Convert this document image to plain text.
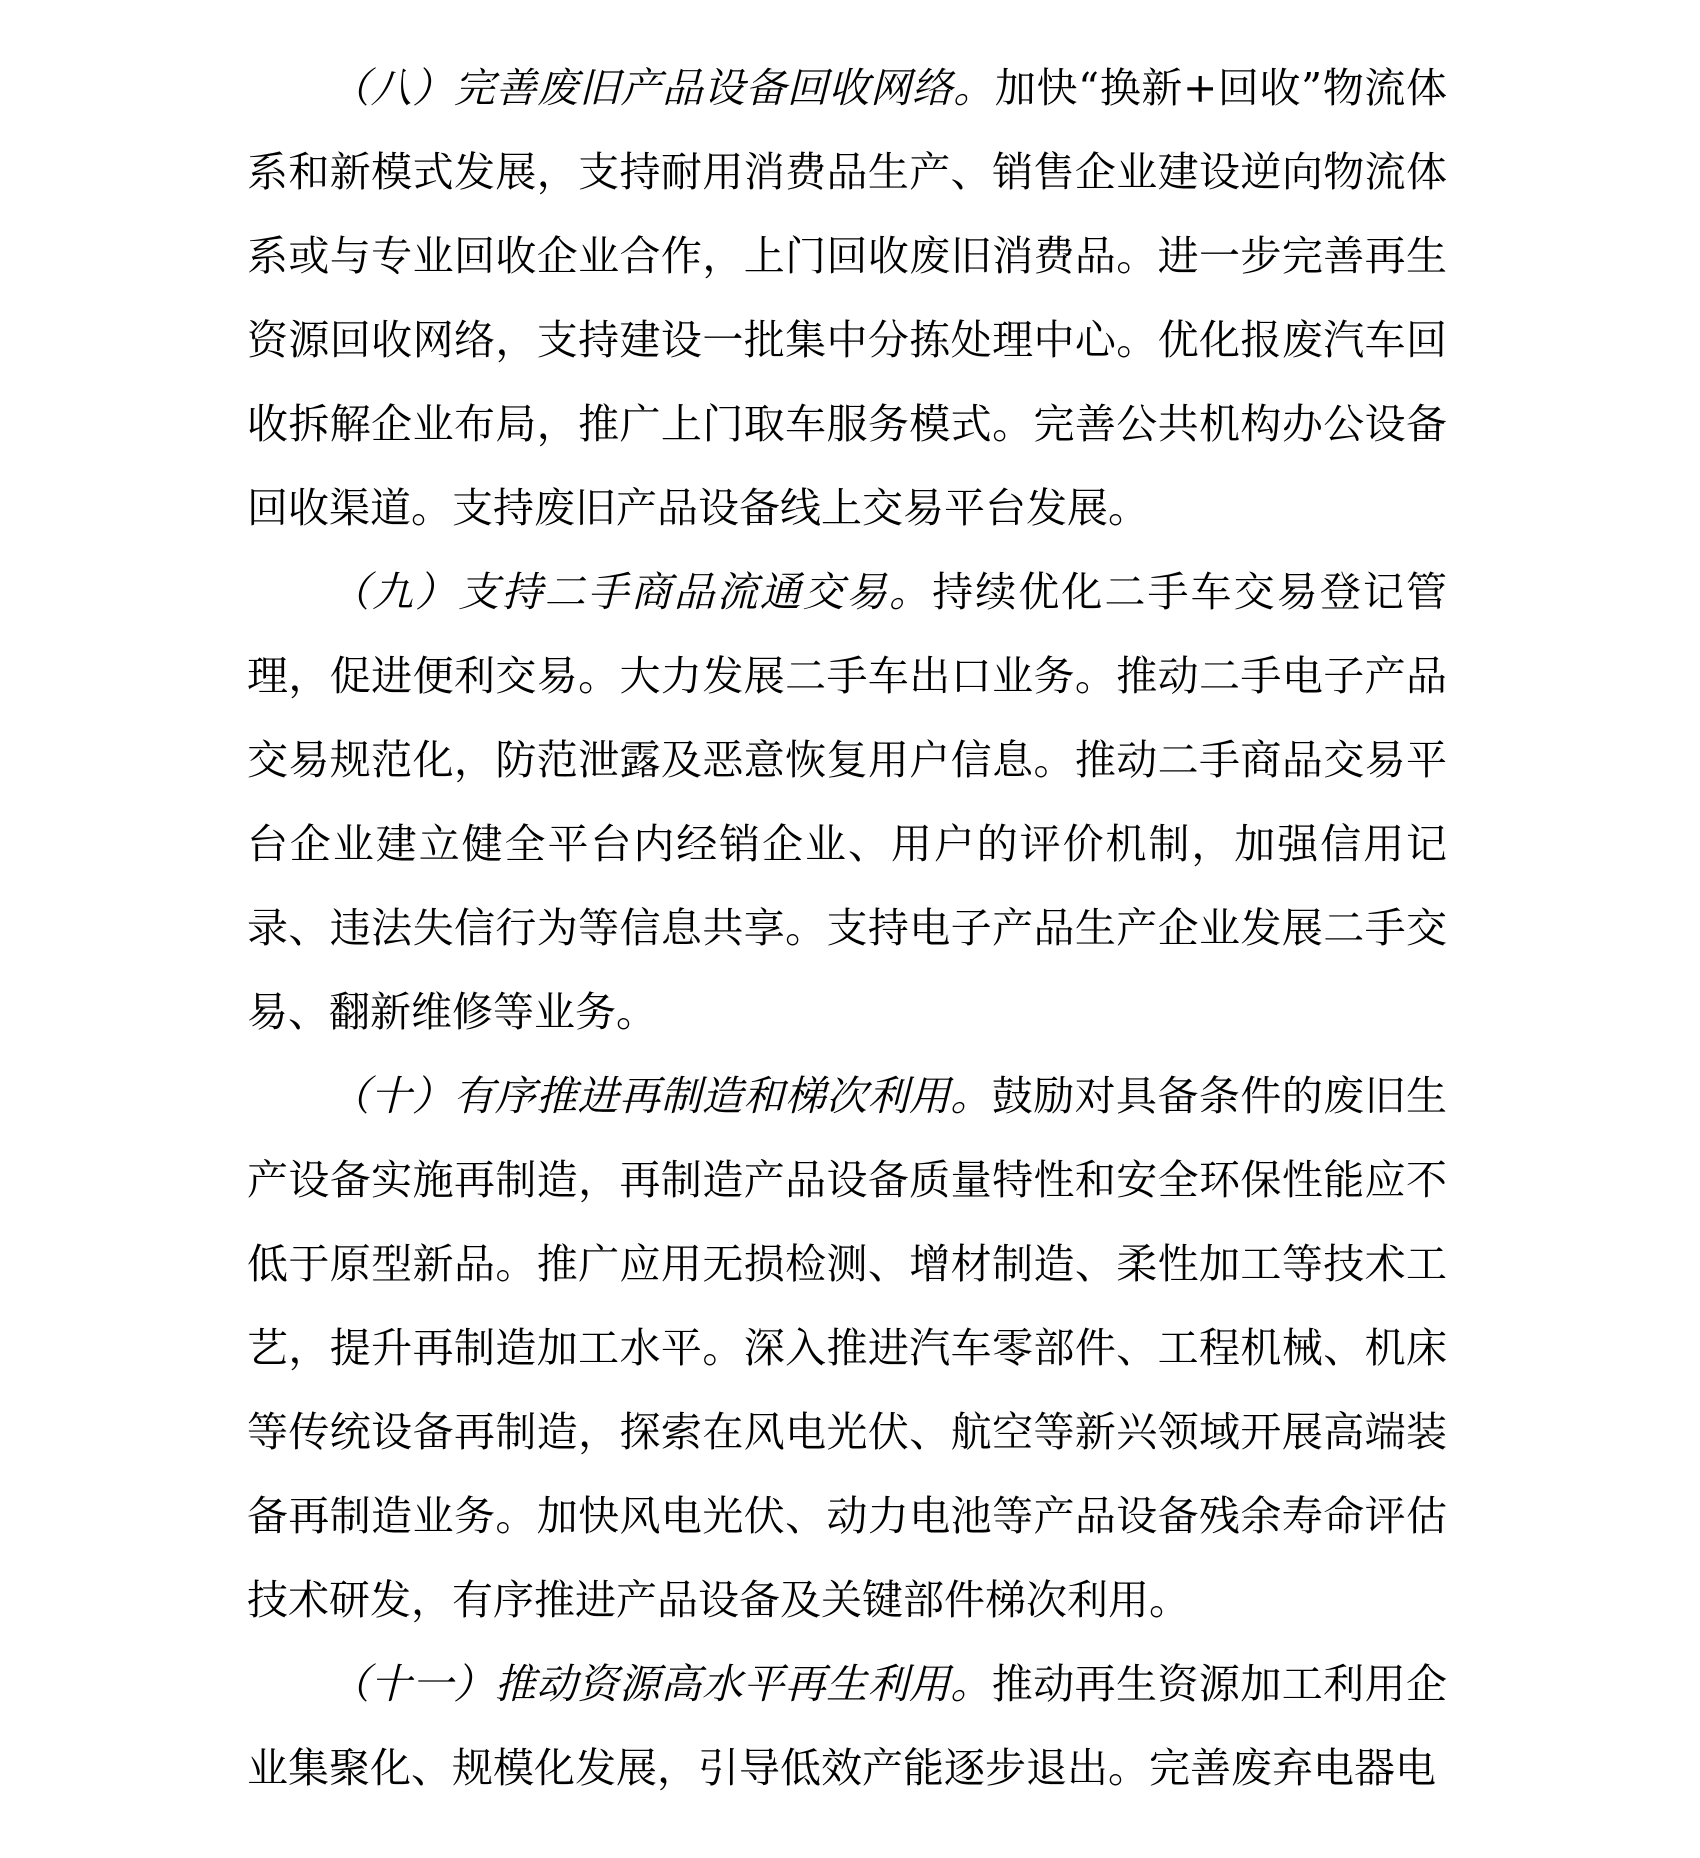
（八）完善废旧产品设备回收网络。加快“换新+回收”物流体系和新模式发展，支持耐用消费品生产、销售企业建设逆向物流体系或与专业回收企业合作，上门回收废旧消费品。进一步完善再生资源回收网络，支持建设一批集中分拣处理中心。优化报废汽车回收拆解企业布局，推广上门取车服务模式。完善公共机构办公设备回收渠道。支持废旧产品设备线上交易平台发展。

（九）支持二手商品流通交易。持续优化二手车交易登记管理，促进便利交易。大力发展二手车出口业务。推动二手电子产品交易规范化，防范泄露及恶意恢复用户信息。推动二手商品交易平台企业建立健全平台内经销企业、用户的评价机制，加强信用记录、违法失信行为等信息共享。支持电子产品生产企业发展二手交易、翻新维修等业务。

（十）有序推进再制造和梯次利用。鼓励对具备条件的废旧生产设备实施再制造，再制造产品设备质量特性和安全环保性能应不低于原型新品。推广应用无损检测、增材制造、柔性加工等技术工艺，提升再制造加工水平。深入推进汽车零部件、工程机械、机床等传统设备再制造，探索在风电光伏、航空等新兴领域开展高端装备再制造业务。加快风电光伏、动力电池等产品设备残余寿命评估技术研发，有序推进产品设备及关键部件梯次利用。

（十一）推动资源高水平再生利用。推动再生资源加工利用企业集聚化、规模化发展，引导低效产能逐步退出。完善废弃电器电
